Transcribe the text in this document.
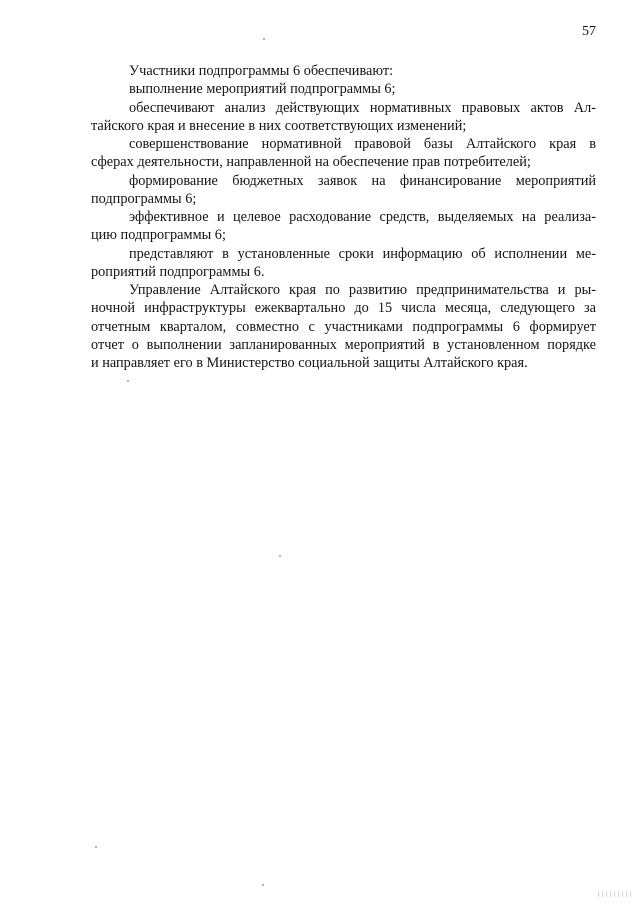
57
Участники подпрограммы 6 обеспечивают:
выполнение мероприятий подпрограммы 6;
обеспечивают анализ действующих нормативных правовых актов Ал-
тайского края и внесение в них соответствующих изменений;
совершенствование нормативной правовой базы Алтайского края в
сферах деятельности, направленной на обеспечение прав потребителей;
формирование бюджетных заявок на финансирование мероприятий
подпрограммы 6;
эффективное и целевое расходование средств, выделяемых на реализа-
цию подпрограммы 6;
представляют в установленные сроки информацию об исполнении ме-
роприятий подпрограммы 6.
Управление Алтайского края по развитию предпринимательства и ры-
ночной инфраструктуры ежеквартально до 15 числа месяца, следующего за
отчетным кварталом, совместно с участниками подпрограммы 6 формирует
отчет о выполнении запланированных мероприятий в установленном порядке
и направляет его в Министерство социальной защиты Алтайского края.
